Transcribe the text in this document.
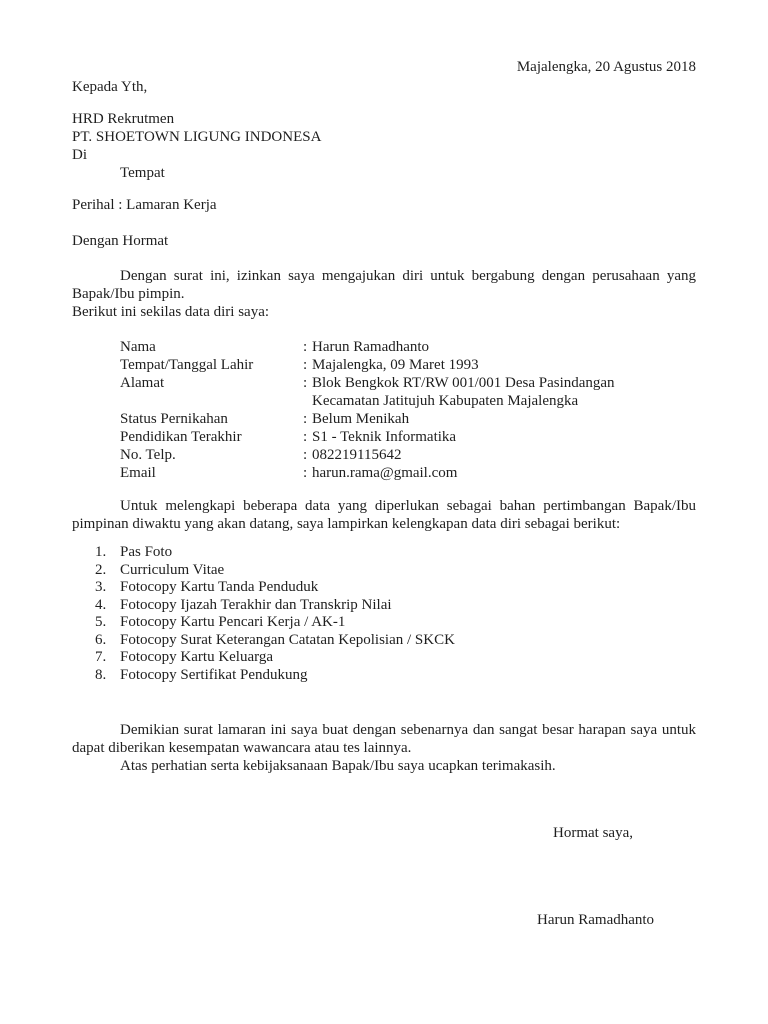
Majalengka, 20 Agustus 2018
Kepada Yth,
HRD Rekrutmen
PT. SHOETOWN LIGUNG INDONESA
Di
Tempat
Perihal : Lamaran Kerja
Dengan Hormat
Dengan surat ini, izinkan saya mengajukan diri untuk bergabung dengan perusahaan yang Bapak/Ibu pimpin.
Berikut ini sekilas data diri saya:
Nama	: Harun Ramadhanto
Tempat/Tanggal Lahir	: Majalengka, 09 Maret 1993
Alamat	: Blok Bengkok RT/RW 001/001 Desa Pasindangan
Kecamatan Jatitujuh Kabupaten Majalengka
Status Pernikahan	: Belum Menikah
Pendidikan Terakhir	: S1 - Teknik Informatika
No. Telp.	: 082219115642
Email	: harun.rama@gmail.com
Untuk melengkapi beberapa data yang diperlukan sebagai bahan pertimbangan Bapak/Ibu pimpinan diwaktu yang akan datang, saya lampirkan kelengkapan data diri sebagai berikut:
1. Pas Foto
2. Curriculum Vitae
3. Fotocopy Kartu Tanda Penduduk
4. Fotocopy Ijazah Terakhir dan Transkrip Nilai
5. Fotocopy Kartu Pencari Kerja / AK-1
6. Fotocopy Surat Keterangan Catatan Kepolisian / SKCK
7. Fotocopy Kartu Keluarga
8. Fotocopy Sertifikat Pendukung
Demikian surat lamaran ini saya buat dengan sebenarnya dan sangat besar harapan saya untuk dapat diberikan kesempatan wawancara atau tes lainnya.
Atas perhatian serta kebijaksanaan Bapak/Ibu saya ucapkan terimakasih.
Hormat saya,
Harun Ramadhanto
